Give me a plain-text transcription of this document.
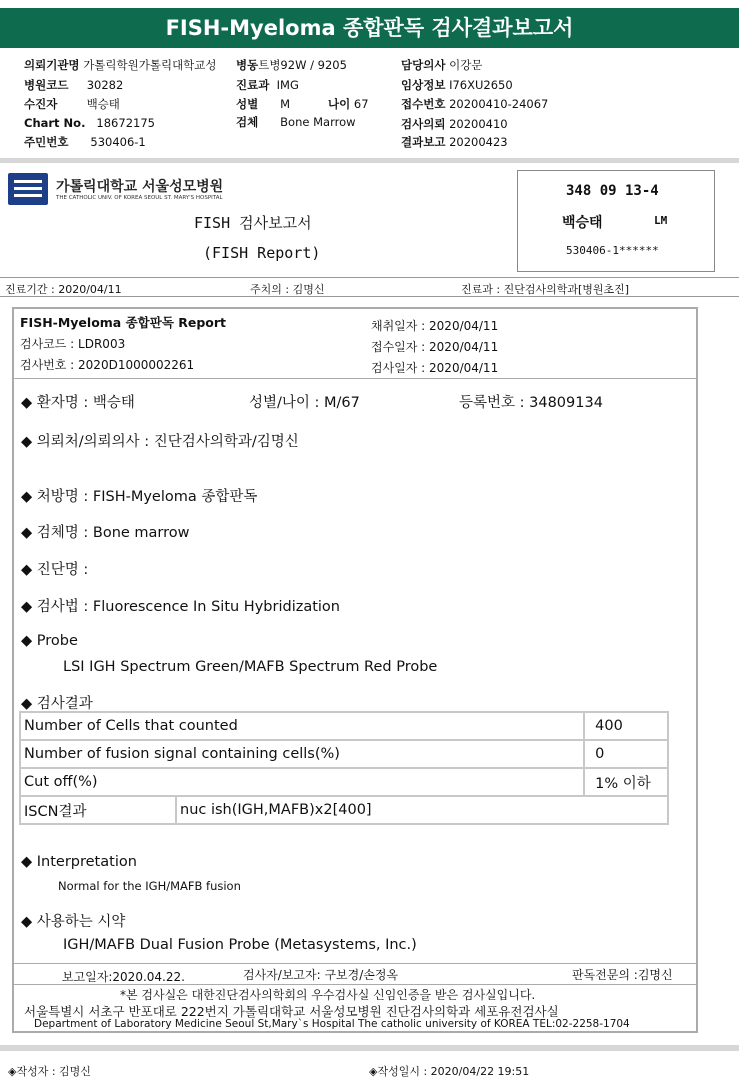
FISH-Myeloma 종합판독 검사결과보고서
의뢰기관명 가톨릭학원가톨릭대학교성 병동트병92W / 9205	담당의사 이강문
병원코드 30282	진료과 IMG	임상정보 I76XU2650
수진자	백승태	성별 M	나이 67	접수번호 20200410-24067
Chart No. 18672175	검체 Bone Marrow	검사의뢰 20200410
주민번호 530406-1	결과보고 20200423
가톨릭대학교 서울성모병원
THE CATHOLIC UNIV. OF KOREA SEOUL ST. MARY'S HOSPITAL
FISH 검사보고서
(FISH Report)
348 09 13-4
백승태	LM
530406-1******
진료기간 : 2020/04/11	주치의 : 김명신	진료과 : 진단검사의학과[병원초진]
FISH-Myeloma 종합판독 Report
검사코드 : LDR003
검사번호 : 2020D1000002261
채취일자 : 2020/04/11
접수일자 : 2020/04/11
검사일자 : 2020/04/11
◆ 환자명 : 백승태	성별/나이 : M/67	등록번호 : 34809134
◆ 의뢰처/의뢰의사 : 진단검사의학과/김명신
◆ 처방명 : FISH-Myeloma 종합판독
◆ 검체명 : Bone marrow
◆ 진단명 :
◆ 검사법 : Fluorescence In Situ Hybridization
◆ Probe
LSI IGH Spectrum Green/MAFB Spectrum Red Probe
◆ 검사결과
Number of Cells that counted		400
Number of fusion signal containing cells(%)		0
Cut off(%)		1% 이하
ISCN결과	nuc ish(IGH,MAFB)x2[400]	
◆ Interpretation
Normal for the IGH/MAFB fusion
◆ 사용하는 시약
IGH/MAFB Dual Fusion Probe (Metasystems, Inc.)
보고일자:2020.04.22.	검사자/보고자: 구보경/손정옥	판독전문의 :김명신
*본 검사실은 대한진단검사의학회의 우수검사실 신임인증을 받은 검사실입니다.
서울특별시 서초구 반포대로 222번지 가톨릭대학교 서울성모병원 진단검사의학과 세포유전검사실
Department of Laboratory Medicine Seoul St,Mary`s Hospital The catholic university of KOREA TEL:02-2258-1704
◈작성자 : 김명신	◈작성일시 : 2020/04/22 19:51
